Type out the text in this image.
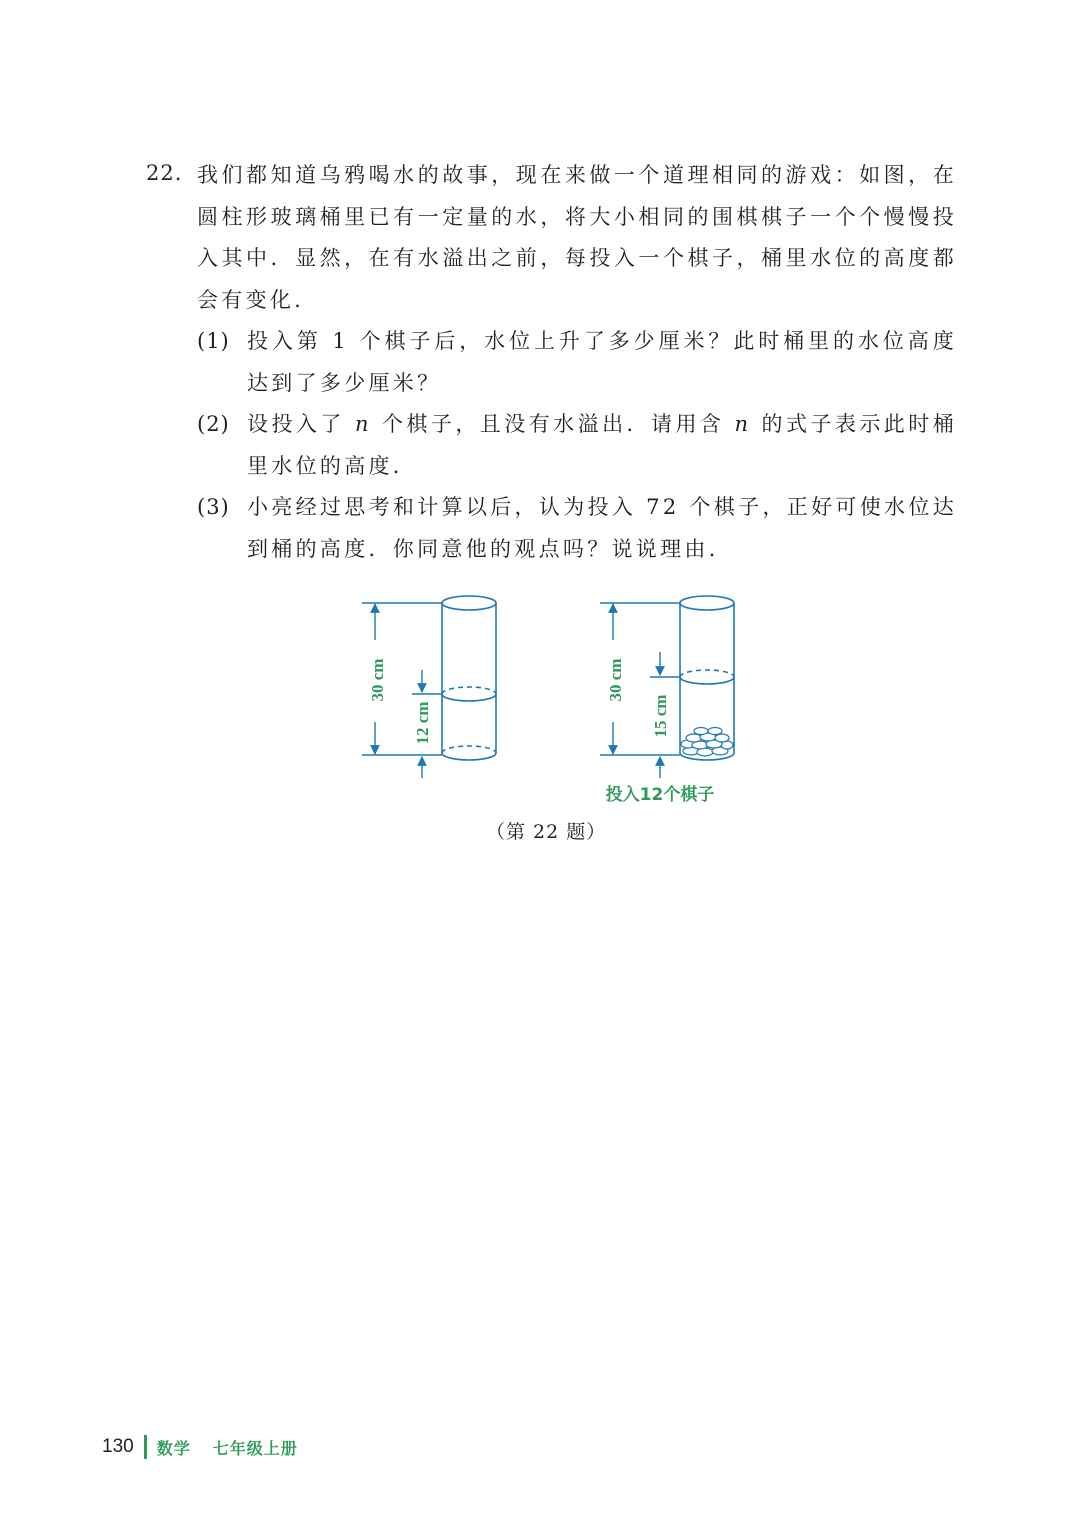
22. 我们都知道乌鸦喝水的故事，现在来做一个道理相同的游戏：如图，在圆柱形玻璃桶里已有一定量的水，将大小相同的围棋棋子一个个慢慢投入其中．显然，在有水溢出之前，每投入一个棋子，桶里水位的高度都会有变化．
(1) 投入第 1 个棋子后，水位上升了多少厘米？此时桶里的水位高度达到了多少厘米？
(2) 设投入了 n 个棋子，且没有水溢出．请用含 n 的式子表示此时桶里水位的高度．
(3) 小亮经过思考和计算以后，认为投入 72 个棋子，正好可使水位达到桶的高度．你同意他的观点吗？说说理由．
30 cm
12 cm
30 cm
15 cm
投入12个棋子
（第 22 题）
130 数学 七年级上册
